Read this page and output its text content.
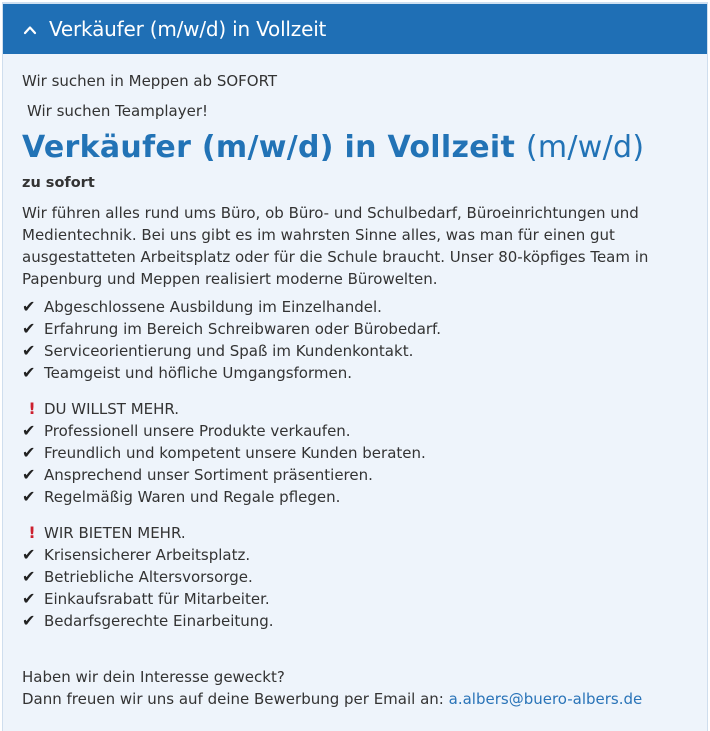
Verkäufer (m/w/d) in Vollzeit
Wir suchen in Meppen ab SOFORT
Wir suchen Teamplayer!
Verkäufer (m/w/d) in Vollzeit (m/w/d)
zu sofort
Wir führen alles rund ums Büro, ob Büro- und Schulbedarf, Büroeinrichtungen und Medientechnik. Bei uns gibt es im wahrsten Sinne alles, was man für einen gut ausgestatteten Arbeitsplatz oder für die Schule braucht. Unser 80-köpfiges Team in Papenburg und Meppen realisiert moderne Bürowelten.
✔ Abgeschlossene Ausbildung im Einzelhandel.
✔ Erfahrung im Bereich Schreibwaren oder Bürobedarf.
✔ Serviceorientierung und Spaß im Kundenkontakt.
✔ Teamgeist und höfliche Umgangsformen.
! DU WILLST MEHR.
✔ Professionell unsere Produkte verkaufen.
✔ Freundlich und kompetent unsere Kunden beraten.
✔ Ansprechend unser Sortiment präsentieren.
✔ Regelmäßig Waren und Regale pflegen.
! WIR BIETEN MEHR.
✔ Krisensicherer Arbeitsplatz.
✔ Betriebliche Altersvorsorge.
✔ Einkaufsrabatt für Mitarbeiter.
✔ Bedarfsgerechte Einarbeitung.
Haben wir dein Interesse geweckt?
Dann freuen wir uns auf deine Bewerbung per Email an: a.albers@buero-albers.de
